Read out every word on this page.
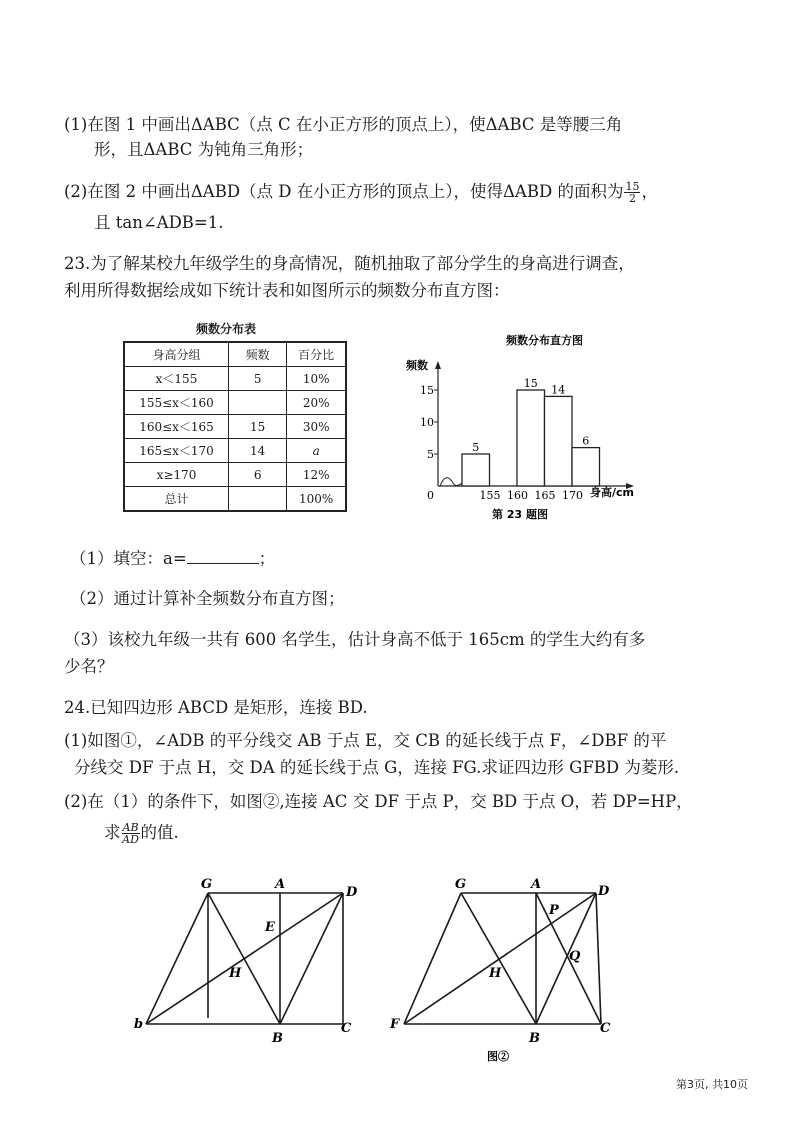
(1)在图 1 中画出ΔABC（点 C 在小正方形的顶点上），使ΔABC 是等腰三角
形，且ΔABC 为钝角三角形；
(2)在图 2 中画出ΔABD（点 D 在小正方形的顶点上），使得ΔABD 的面积为 $\frac{15}{2}$ ，
且 tan∠ADB=1.
23.为了解某校九年级学生的身高情况，随机抽取了部分学生的身高进行调查，
利用所得数据绘成如下统计表和如图所示的频数分布直方图：
频数分布表
身高分组	频数	百分比
x＜155	5	10%
155≤x＜160		20%
160≤x＜165	15	30%
165≤x＜170	14	a
x≥170	6	12%
总计		100%
频数分布直方图
频数
0	身高/cm
第 23 题图
5
10
15
155 160 165 170
5
15 14
6
（1）填空：a=	；
（2）通过计算补全频数分布直方图；
（3）该校九年级一共有 600 名学生，估计身高不低于 165cm 的学生大约有多
少名？
24.已知四边形 ABCD 是矩形，连接 BD.
(1)如图①，∠ADB 的平分线交 AB 于点 E，交 CB 的延长线于点 F，∠DBF 的平
分线交 DF 于点 H，交 DA 的延长线于点 G，连接 FG.求证四边形 GFBD 为菱形.
(2)在（1）的条件下，如图②,连接 AC 交 DF 于点 P，交 BD 于点 O，若 DP=HP，
求 $\frac{AB}{AD}$ 的值.
G	A
D
E
H
b
B
C
G	A	D
P
Q
H
F
B
C
图②
第3页, 共10页
